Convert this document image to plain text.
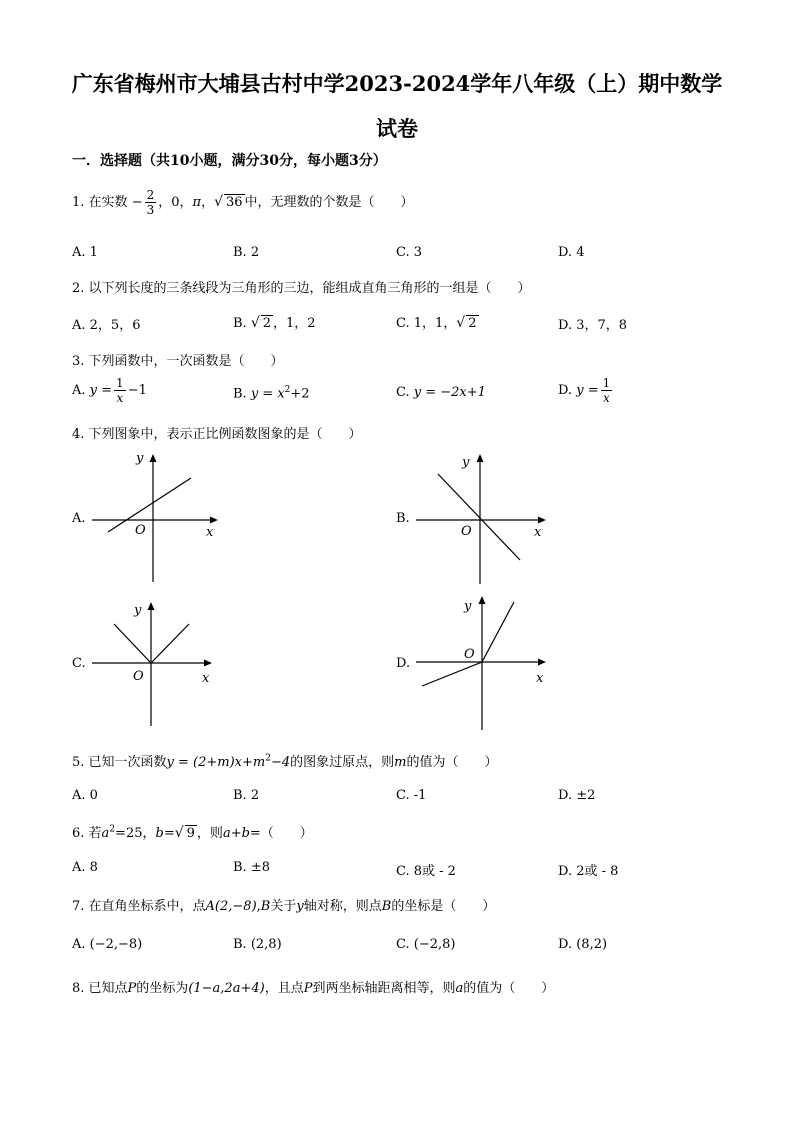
广东省梅州市大埔县古村中学2023-2024学年八年级（上）期中数学
试卷
一．选择题（共10小题，满分30分，每小题3分）
1. 在实数 − $\frac{2}{3}$ ，0，π，√ 36 中，无理数的个数是（　　）
A. 1	B. 2	C. 3	D. 4
2. 以下列长度的三条线段为三角形的三边，能组成直角三角形的一组是（　　）
A. 2，5，6	B. √ 2 ，1，2	C. 1，1，√ 2	D. 3，7，8
3. 下列函数中，一次函数是（　　）
A. $y = \frac{1}{x} -1$	B. $y = x^2+2$	C. y = −2x+1	D. $y = \frac{1}{x}$
4. 下列图象中，表示正比例函数图象的是（　　）
A.
y
x
O
B.
y
x
O
C.
y
x
O
D.
y
x
O
5. 已知一次函数$y = (2+m)x+m^2-4$的图象过原点，则m的值为（　　）
A. 0	B. 2	C. -1	D. ±2
6. 若$a^2=25$，b=√ 9 ，则a+b=（　　）
A. 8	B. ±8	C. 8或 - 2	D. 2或 - 8
7. 在直角坐标系中，点A(2,−8),B关于y轴对称，则点B的坐标是（　　）
A. (−2,−8)	B. (2,8)	C. (−2,8)	D. (8,2)
8. 已知点P的坐标为(1−a,2a+4)，且点P到两坐标轴距离相等，则a的值为（　　）
